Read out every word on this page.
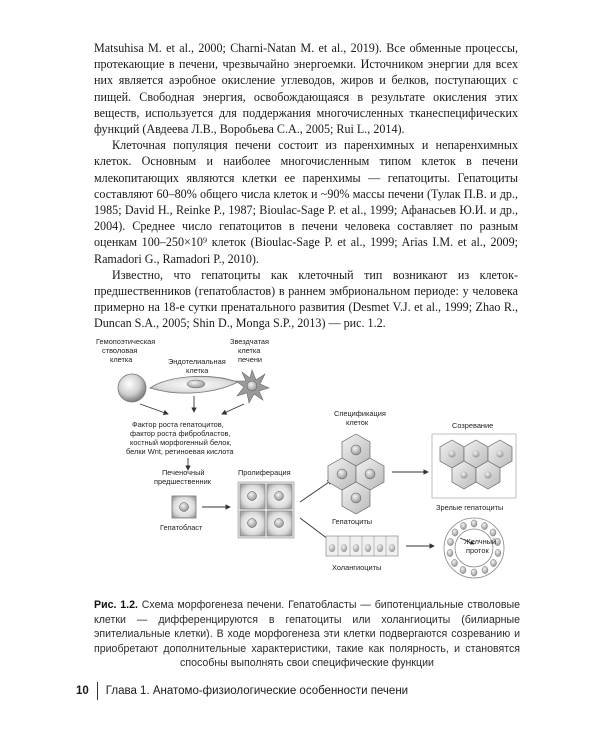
Matsuhisa M. et al., 2000; Charni-Natan M. et al., 2019). Все обменные процессы, протекающие в печени, чрезвычайно энергоемки. Источником энергии для всех них является аэробное окисление углеводов, жиров и белков, поступающих с пищей. Свободная энергия, освобождающаяся в результате окисления этих веществ, используется для поддержания многочисленных тканеспецифических функций (Авдеева Л.В., Воробьева С.А., 2005; Rui L., 2014).

Клеточная популяция печени состоит из паренхимных и непаренхимных клеток. Основным и наиболее многочисленным типом клеток в печени млекопитающих являются клетки ее паренхимы — гепатоциты. Гепатоциты составляют 60–80% общего числа клеток и ~90% массы печени (Тулак П.В. и др., 1985; David H., Reinke P., 1987; Bioulac-Sage P. et al., 1999; Афанасьев Ю.И. и др., 2004). Среднее число гепатоцитов в печени человека составляет по разным оценкам 100–250×10⁹ клеток (Bioulac-Sage P. et al., 1999; Arias I.M. et al., 2009; Ramadori G., Ramadori P., 2010).

Известно, что гепатоциты как клеточный тип возникают из клеток-предшественников (гепатобластов) в раннем эмбриональном периоде: у человека примерно на 18-е сутки пренатального развития (Desmet V.J. et al., 1999; Zhao R., Duncan S.A., 2005; Shin D., Monga S.P., 2013) — рис. 1.2.

Гемопоэтическая
стволовая
клетка	Эндотелиальная
клетка
Звездчатая
клетка
печени
Фактор роста гепатоцитов,
фактор роста фибробластов,
костный морфогенный белок,
белки Wnt, ретиноевая кислота
Печеночный
предшественник
Гепатобласт
Пролиферация
Спецификация
клеток
Гепатоциты
Холангиоциты
Созревание
Зрелые гепатоциты
Желчный
проток
Рис. 1.2. Схема морфогенеза печени. Гепатобласты — бипотенциальные стволовые клетки — дифференцируются в гепатоциты или холангиоциты (билиарные эпителиальные клетки). В ходе морфогенеза эти клетки подвергаются созреванию и приобретают дополнительные характеристики, такие как полярность, и становятся способны выполнять свои специфические функции
10 Глава 1. Анатомо-физиологические особенности печени
